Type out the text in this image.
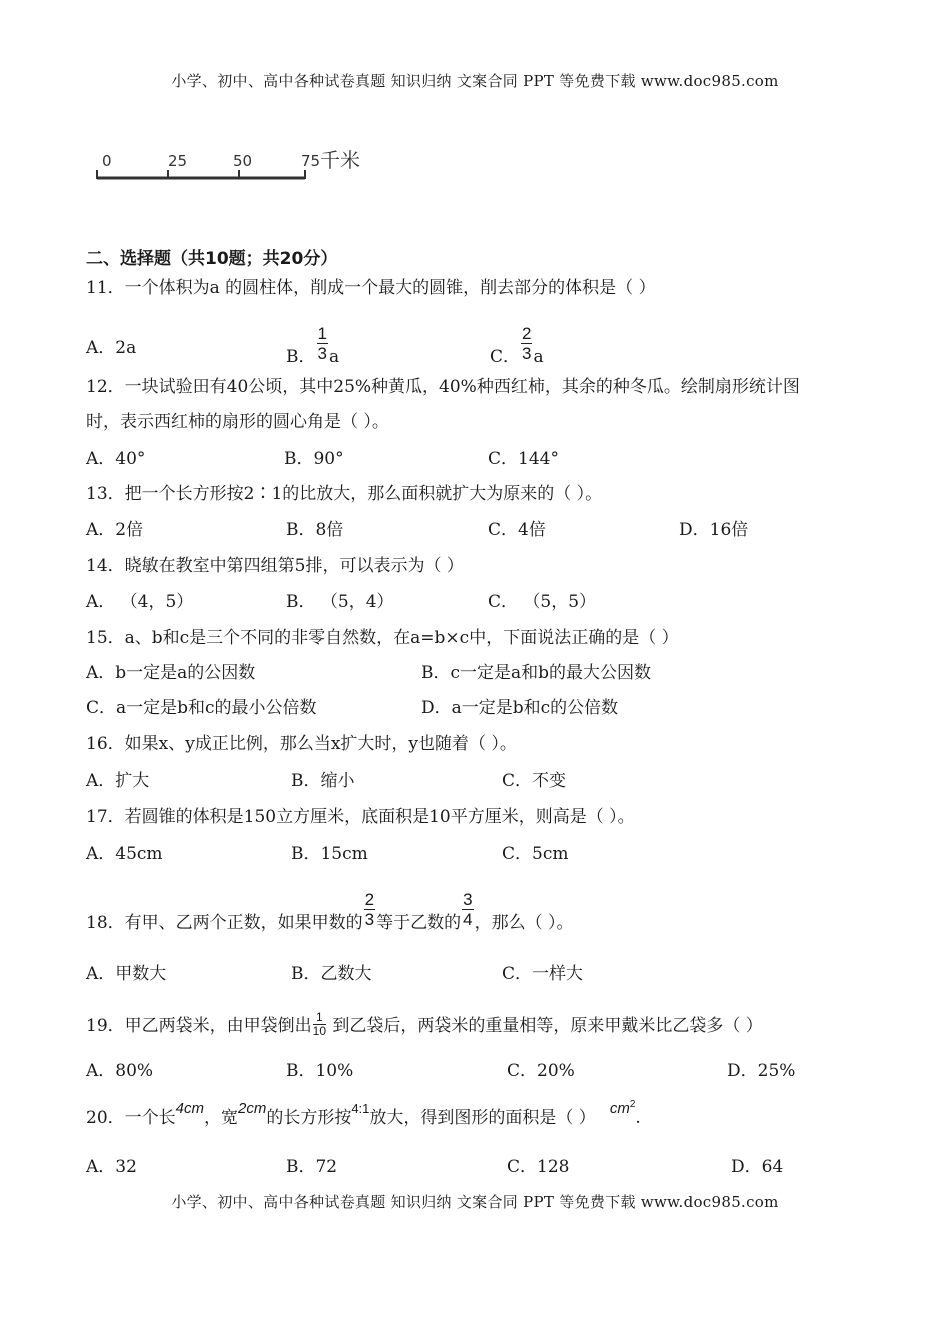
小学、初中、高中各种试卷真题 知识归纳 文案合同 PPT 等免费下载 www.doc985.com
0	25	50	75 千米
二、选择题（共10题；共20分）
11．一个体积为a 的圆柱体，削成一个最大的圆锥，削去部分的体积是（ ）
A．2a	B． $\frac{1}{3}$ a	C． $\frac{2}{3}$ a
12．一块试验田有40公顷，其中25%种黄瓜，40%种西红柿，其余的种冬瓜。绘制扇形统计图
时，表示西红柿的扇形的圆心角是（ ）。
A．40°	B．90°	C．144°
13．把一个长方形按2∶1的比放大，那么面积就扩大为原来的（ ）。
A．2倍	B．8倍	C．4倍	D．16倍
14．晓敏在教室中第四组第5排，可以表示为（ ）
A． （4，5）	B． （5，4）	C． （5，5）
15．a、b和c是三个不同的非零自然数，在a=b×c中，下面说法正确的是（ ）
A．b一定是a的公因数	B．c一定是a和b的最大公因数
C．a一定是b和c的最小公倍数	D．a一定是b和c的公倍数
16．如果x、y成正比例，那么当x扩大时，y也随着（ ）。
A．扩大	B．缩小	C．不变
17．若圆锥的体积是150立方厘米，底面积是10平方厘米，则高是（ ）。
A．45cm	B．15cm	C．5cm
18．有甲、乙两个正数，如果甲数的 $\frac{2}{3}$ 等于乙数的 $\frac{3}{4}$ ，那么（ ）。
A．甲数大	B．乙数大	C．一样大
19．甲乙两袋米，由甲袋倒出 $\frac{1}{10}$ 到乙袋后，两袋米的重量相等，原来甲戴米比乙袋多（ ）
A．80%	B．10%	C．20%	D．25%
20．一个长4cm，宽2cm的长方形按$^{4:1}$放大，得到图形的面积是（ ） $cm^2$.
A．32	B．72	C．128	D．64
小学、初中、高中各种试卷真题 知识归纳 文案合同 PPT 等免费下载 www.doc985.com
